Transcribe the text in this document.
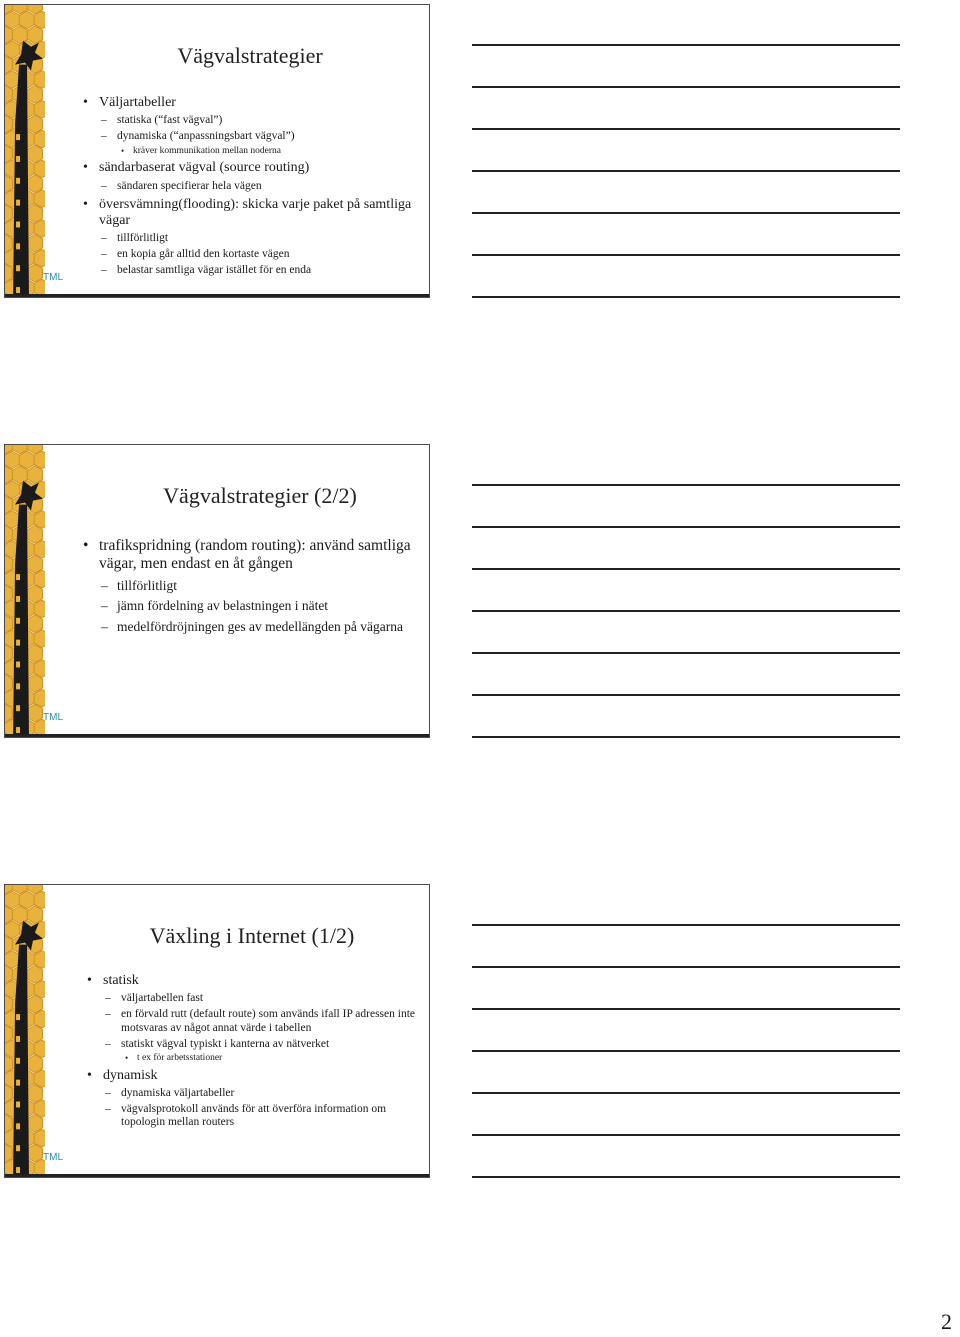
TML
Vägvalstrategier
• Väljartabeller
– statiska (“fast vägval”)
– dynamiska (“anpassningsbart vägval”)
• kräver kommunikation mellan noderna
• sändarbaserat vägval (source routing)
– sändaren specifierar hela vägen
• översvämning(flooding): skicka varje paket på samtliga vägar
– tillförlitligt
– en kopia går alltid den kortaste vägen
– belastar samtliga vägar istället för en enda
TML
Vägvalstrategier (2/2)
• trafikspridning (random routing): använd samtliga vägar, men endast en åt gången
– tillförlitligt
– jämn fördelning av belastningen i nätet
– medelfördröjningen ges av medellängden på vägarna
TML
Växling i Internet (1/2)
• statisk
– väljartabellen fast
– en förvald rutt (default route) som används ifall IP adressen inte motsvaras av något annat värde i tabellen
– statiskt vägval typiskt i kanterna av nätverket
• t ex för arbetsstationer
• dynamisk
– dynamiska väljartabeller
– vägvalsprotokoll används för att överföra information om topologin mellan routers
2
